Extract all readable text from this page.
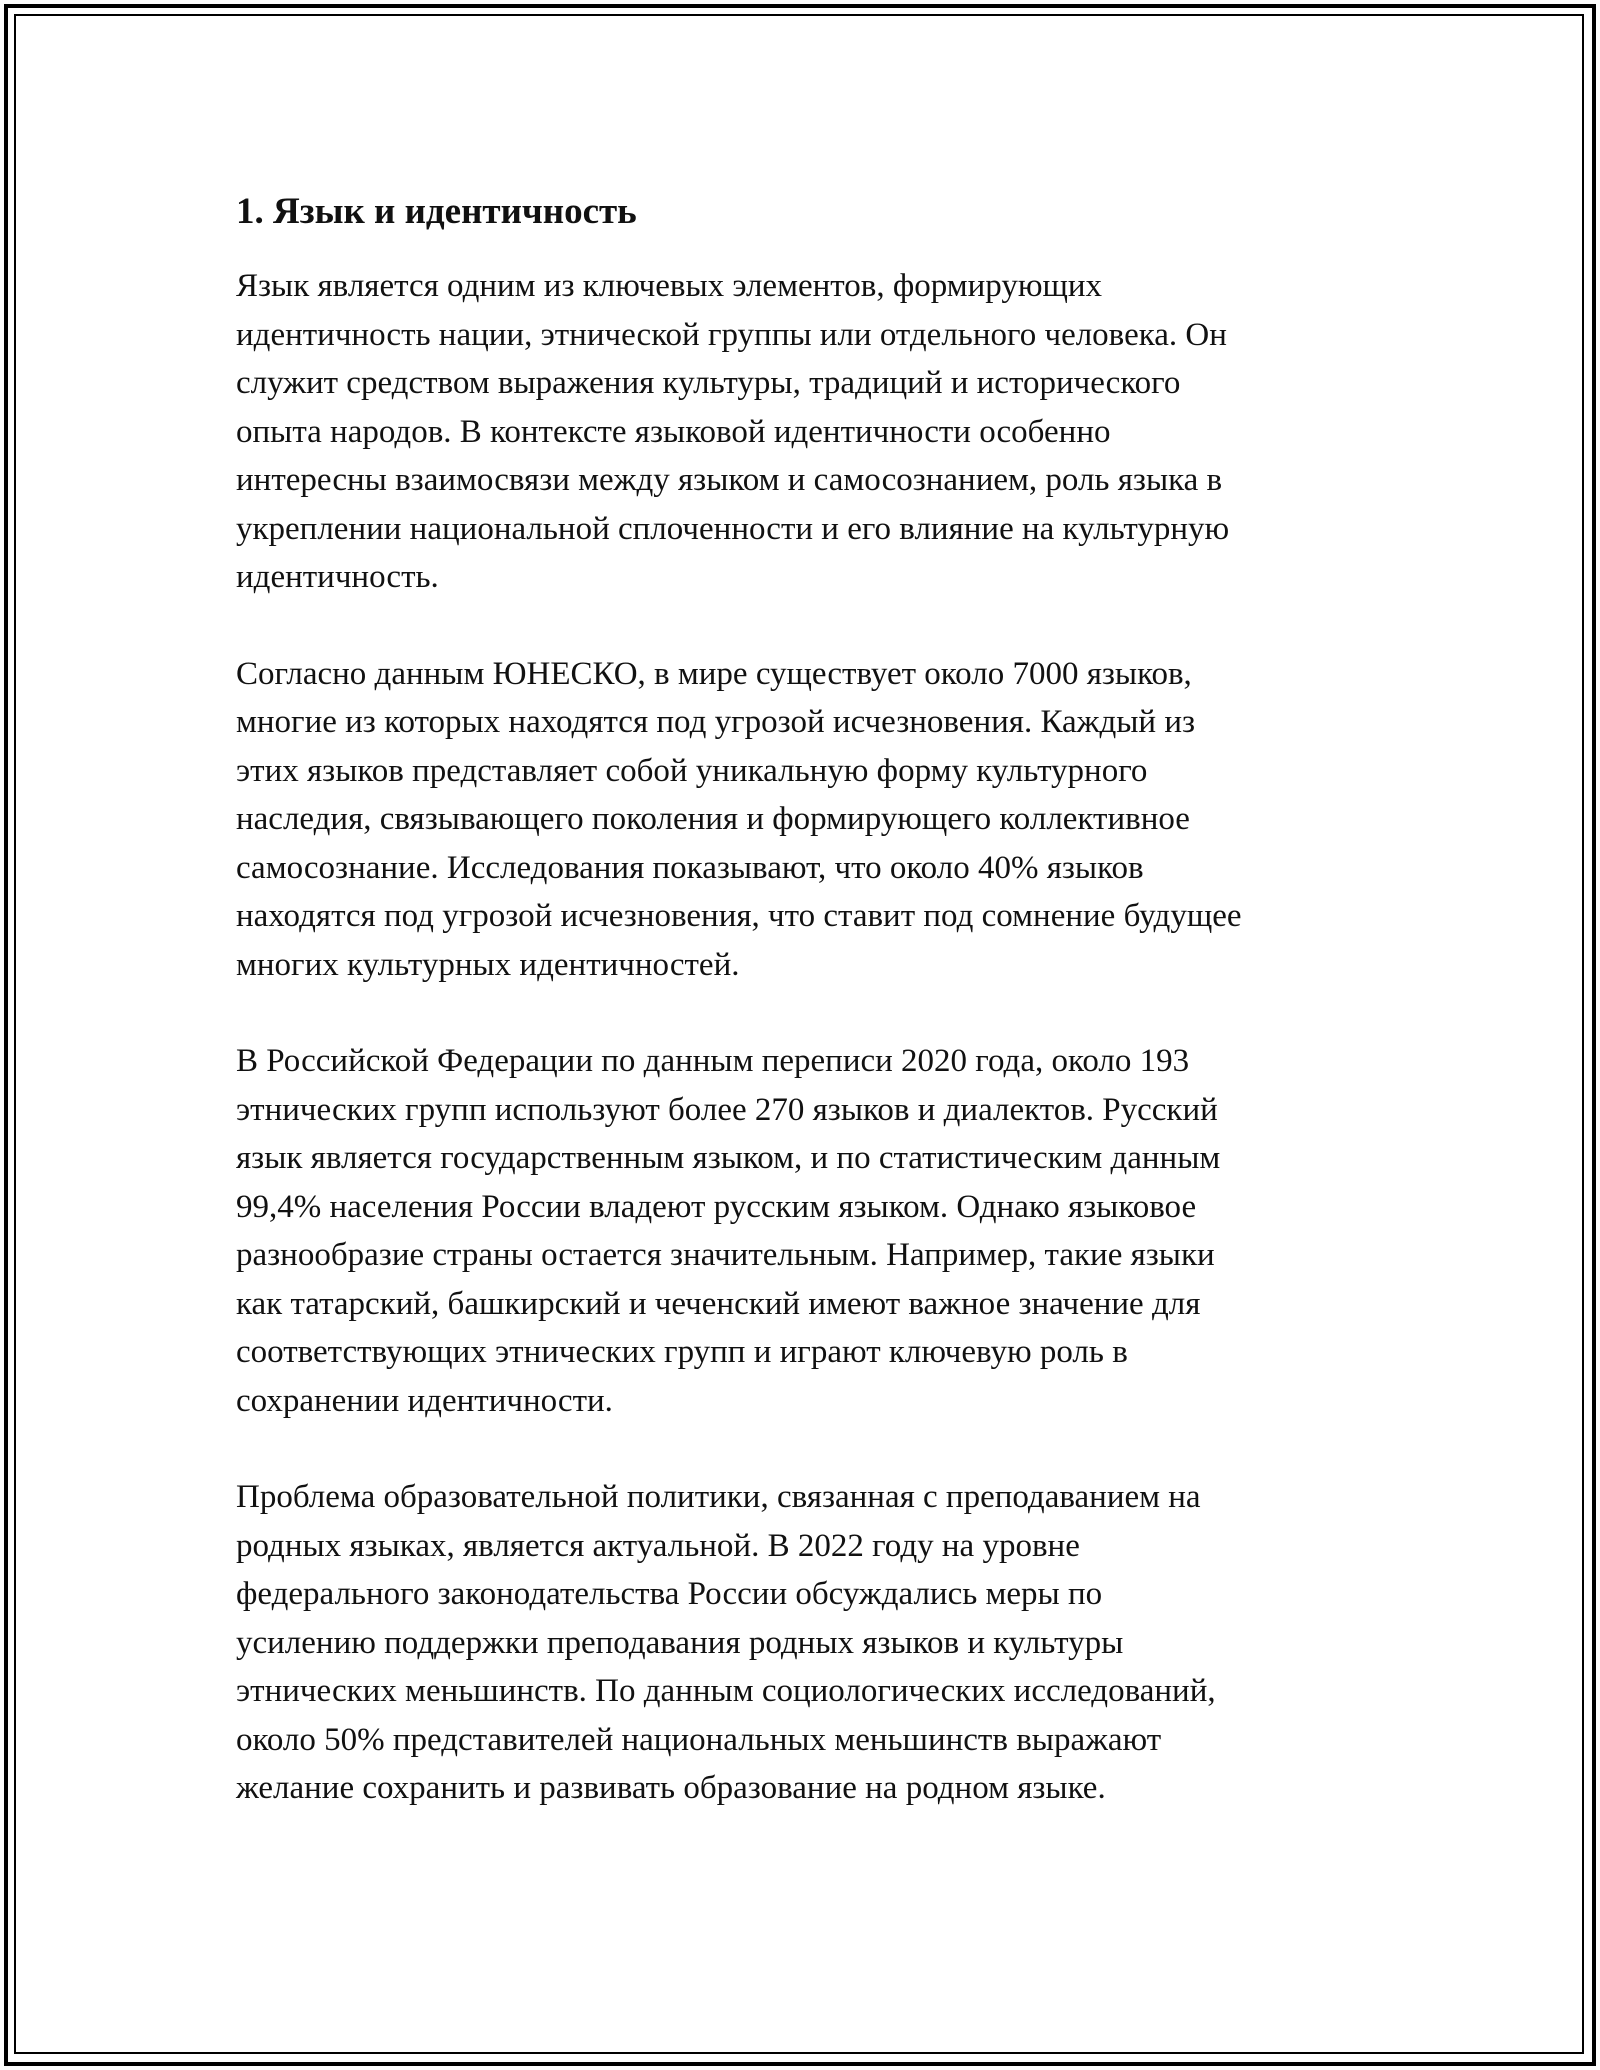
1. Язык и идентичность
Язык является одним из ключевых элементов, формирующих
идентичность нации, этнической группы или отдельного человека. Он
служит средством выражения культуры, традиций и исторического
опыта народов. В контексте языковой идентичности особенно
интересны взаимосвязи между языком и самосознанием, роль языка в
укреплении национальной сплоченности и его влияние на культурную
идентичность.
Согласно данным ЮНЕСКО, в мире существует около 7000 языков,
многие из которых находятся под угрозой исчезновения. Каждый из
этих языков представляет собой уникальную форму культурного
наследия, связывающего поколения и формирующего коллективное
самосознание. Исследования показывают, что около 40% языков
находятся под угрозой исчезновения, что ставит под сомнение будущее
многих культурных идентичностей.
В Российской Федерации по данным переписи 2020 года, около 193
этнических групп используют более 270 языков и диалектов. Русский
язык является государственным языком, и по статистическим данным
99,4% населения России владеют русским языком. Однако языковое
разнообразие страны остается значительным. Например, такие языки
как татарский, башкирский и чеченский имеют важное значение для
соответствующих этнических групп и играют ключевую роль в
сохранении идентичности.
Проблема образовательной политики, связанная с преподаванием на
родных языках, является актуальной. В 2022 году на уровне
федерального законодательства России обсуждались меры по
усилению поддержки преподавания родных языков и культуры
этнических меньшинств. По данным социологических исследований,
около 50% представителей национальных меньшинств выражают
желание сохранить и развивать образование на родном языке.
